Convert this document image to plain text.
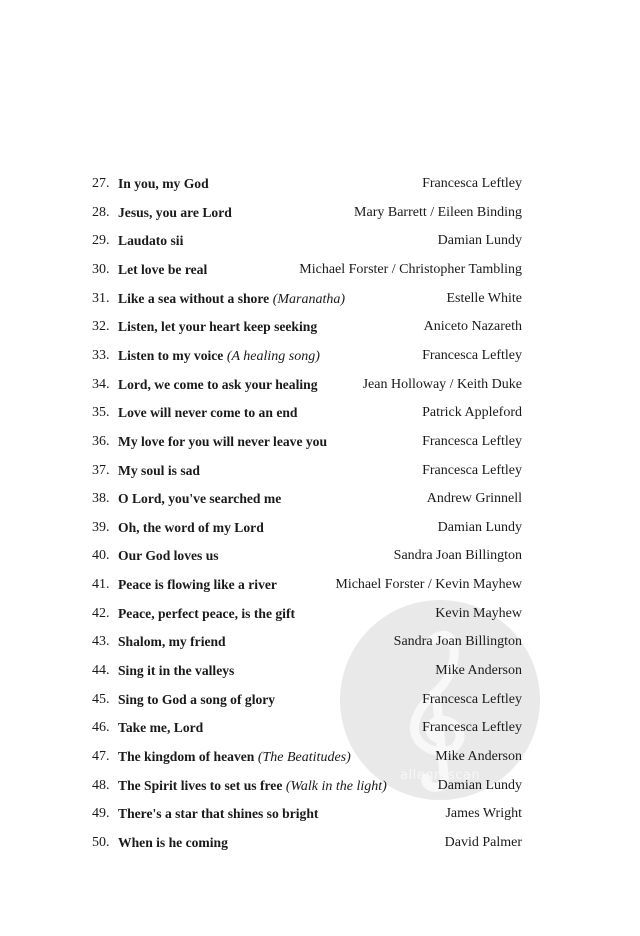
allegroscan
27. In you, my God	Francesca Leftley
28. Jesus, you are Lord	Mary Barrett / Eileen Binding
29. Laudato sii	Damian Lundy
30. Let love be real	Michael Forster / Christopher Tambling
31. Like a sea without a shore (Maranatha)	Estelle White
32. Listen, let your heart keep seeking	Aniceto Nazareth
33. Listen to my voice (A healing song)	Francesca Leftley
34. Lord, we come to ask your healing	Jean Holloway / Keith Duke
35. Love will never come to an end	Patrick Appleford
36. My love for you will never leave you	Francesca Leftley
37. My soul is sad	Francesca Leftley
38. O Lord, you've searched me	Andrew Grinnell
39. Oh, the word of my Lord	Damian Lundy
40. Our God loves us	Sandra Joan Billington
41. Peace is flowing like a river	Michael Forster / Kevin Mayhew
42. Peace, perfect peace, is the gift	Kevin Mayhew
43. Shalom, my friend	Sandra Joan Billington
44. Sing it in the valleys	Mike Anderson
45. Sing to God a song of glory	Francesca Leftley
46. Take me, Lord	Francesca Leftley
47. The kingdom of heaven (The Beatitudes)	Mike Anderson
48. The Spirit lives to set us free (Walk in the light)	Damian Lundy
49. There's a star that shines so bright	James Wright
50. When is he coming	David Palmer
